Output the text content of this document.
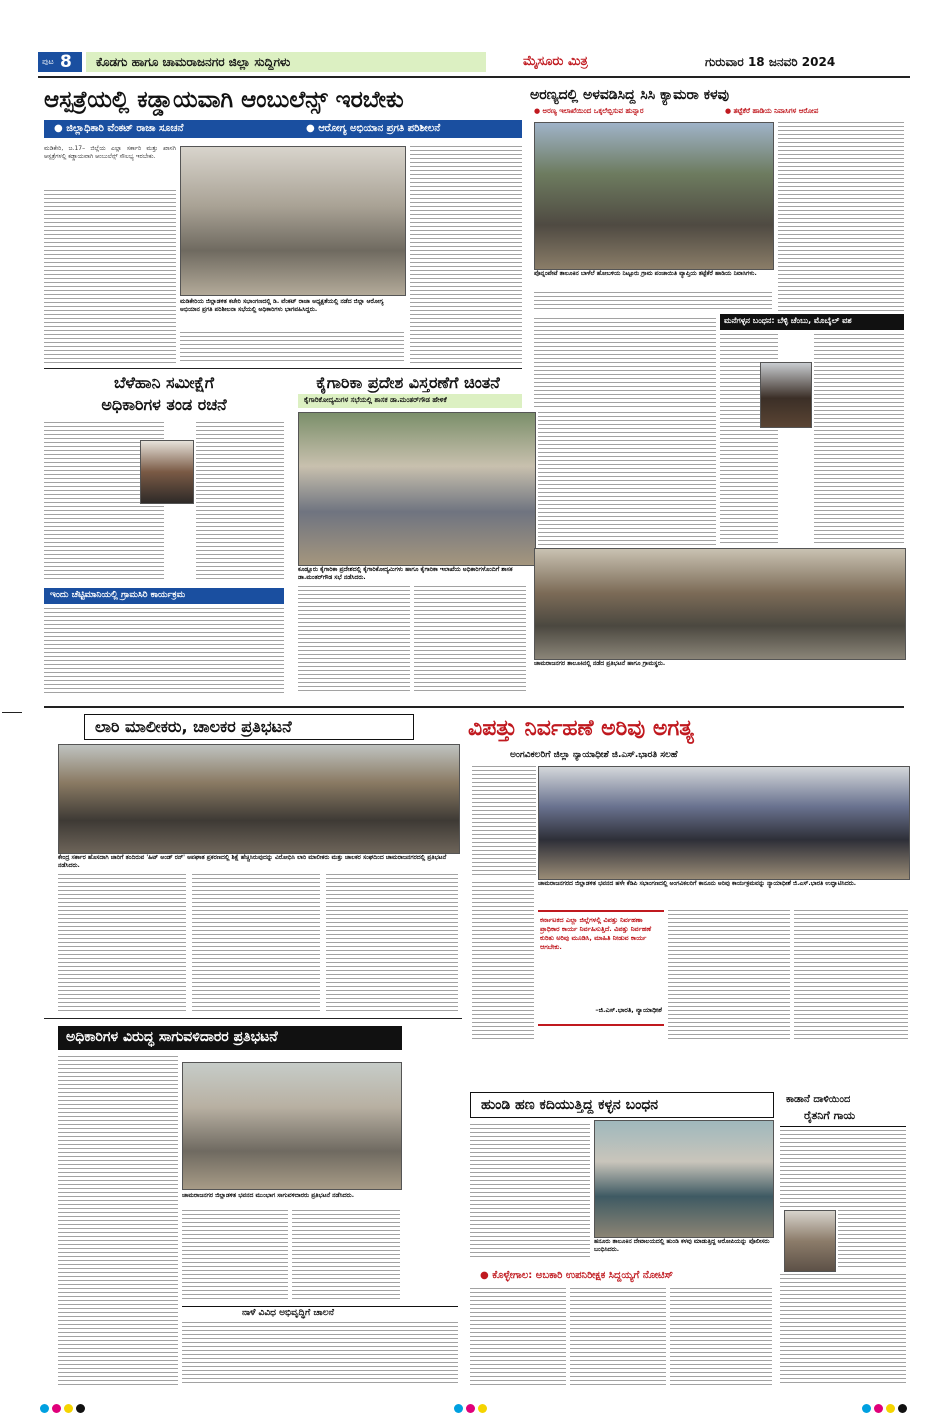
ಪುಟ 8 ಕೊಡಗು ಹಾಗೂ ಚಾಮರಾಜನಗರ ಜಿಲ್ಲಾ ಸುದ್ದಿಗಳು	ಮೈಸೂರು ಮಿತ್ರ	ಗುರುವಾರ 18 ಜನವರಿ 2024
ಆಸ್ಪತ್ರೆಯಲ್ಲಿ ಕಡ್ಡಾಯವಾಗಿ ಆಂಬುಲೆನ್ಸ್ ಇರಬೇಕು
● ಜಿಲ್ಲಾಧಿಕಾರಿ ವೆಂಕಟ್ ರಾಜಾ ಸೂಚನೆ	● ಆರೋಗ್ಯ ಅಭಿಯಾನ ಪ್ರಗತಿ ಪರಿಶೀಲನೆ
ಮಡಿಕೇರಿ, ಜ.17– ಜಿಲ್ಲೆಯ ಎಲ್ಲಾ ಸರ್ಕಾರಿ ಮತ್ತು ಖಾಸಗಿ ಆಸ್ಪತ್ರೆಗಳಲ್ಲಿ ಕಡ್ಡಾಯವಾಗಿ ಆಂಬುಲೆನ್ಸ್ ಸೌಲಭ್ಯ ಇರಬೇಕು.
ಮಡಿಕೇರಿಯ ಜಿಲ್ಲಾಡಳಿತ ಕಚೇರಿ ಸಭಾಂಗಣದಲ್ಲಿ ಡಿ. ವೆಂಕಟ್ ರಾಜಾ ಅಧ್ಯಕ್ಷತೆಯಲ್ಲಿ ನಡೆದ ಜಿಲ್ಲಾ ಆರೋಗ್ಯ ಅಭಿಯಾನ ಪ್ರಗತಿ ಪರಿಶೀಲನಾ ಸಭೆಯಲ್ಲಿ ಅಧಿಕಾರಿಗಳು ಭಾಗವಹಿಸಿದ್ದರು.
ಅರಣ್ಯದಲ್ಲಿ ಅಳವಡಿಸಿದ್ದ ಸಿಸಿ ಕ್ಯಾಮರಾ ಕಳವು
● ಅರಣ್ಯ ಇಲಾಖೆಯಿಂದ ಒಕ್ಕಲೆಬ್ಬಿಸುವ ಹುನ್ನಾರ	● ತಟ್ಟೆಕೆರೆ ಹಾಡಿಯ ನಿವಾಸಿಗಳ ಆರೋಪ
ಪೊನ್ನಂಪೇಟೆ ತಾಲೂಕಿನ ಬಾಳೆಲೆ ಹೋಬಳಿಯ ನಿಟ್ಟೂರು ಗ್ರಾಮ ಪಂಚಾಯಿತಿ ವ್ಯಾಪ್ತಿಯ ತಟ್ಟೆಕೆರೆ ಹಾಡಿಯ ನಿವಾಸಿಗಳು.
ಮನೆಗಳ್ಳನ ಬಂಧನ: ಬೆಳ್ಳಿ ಚೆಂಬು, ಮೊಬೈಲ್ ವಶ
ಬೆಳೆಹಾನಿ ಸಮೀಕ್ಷೆಗೆ
ಅಧಿಕಾರಿಗಳ ತಂಡ ರಚನೆ
ಇಂದು ಚೆಟ್ಟಿಮಾನಿಯಲ್ಲಿ ಗ್ರಾಮಸಿರಿ ಕಾರ್ಯಕ್ರಮ
ಕೈಗಾರಿಕಾ ಪ್ರದೇಶ ವಿಸ್ತರಣೆಗೆ ಚಿಂತನೆ
ಕೈಗಾರಿಕೋದ್ಯಮಿಗಳ ಸಭೆಯಲ್ಲಿ ಶಾಸಕ ಡಾ.ಮಂತರ್‌ಗೌಡ ಹೇಳಿಕೆ
ಕೂಡ್ಲೂರು ಕೈಗಾರಿಕಾ ಪ್ರದೇಶದಲ್ಲಿ ಕೈಗಾರಿಕೋದ್ಯಮಿಗಳು ಹಾಗೂ ಕೈಗಾರಿಕಾ ಇಲಾಖೆಯ ಅಧಿಕಾರಿಗಳೊಂದಿಗೆ ಶಾಸಕ ಡಾ.ಮಂತರ್‌ಗೌಡ ಸಭೆ ನಡೆಸಿದರು.
ಚಾಮರಾಜನಗರ ತಾಲೂಕಿನಲ್ಲಿ ನಡೆದ ಪ್ರತಿಭಟನೆ ಹಾಗೂ ಗ್ರಾಮಸ್ಥರು.
ಲಾರಿ ಮಾಲೀಕರು, ಚಾಲಕರ ಪ್ರತಿಭಟನೆ
ಕೇಂದ್ರ ಸರ್ಕಾರ ಹೊಸದಾಗಿ ಜಾರಿಗೆ ತಂದಿರುವ 'ಹಿಟ್ ಅಂಡ್ ರನ್' ಅಪಘಾತ ಪ್ರಕರಣದಲ್ಲಿ ಶಿಕ್ಷೆ ಹೆಚ್ಚಿಸಿರುವುದನ್ನು ವಿರೋಧಿಸಿ ಲಾರಿ ಮಾಲೀಕರು ಮತ್ತು ಚಾಲಕರ ಸಂಘದಿಂದ ಚಾಮರಾಜನಗರದಲ್ಲಿ ಪ್ರತಿಭಟನೆ ನಡೆಸಿದರು.
ವಿಪತ್ತು ನಿರ್ವಹಣೆ ಅರಿವು ಅಗತ್ಯ
ಅಂಗವಿಕಲರಿಗೆ ಜಿಲ್ಲಾ ನ್ಯಾಯಾಧೀಶೆ ಜಿ.ಎಸ್.ಭಾರತಿ ಸಲಹೆ
ಚಾಮರಾಜನಗರದ ಜಿಲ್ಲಾಡಳಿತ ಭವನದ ಹಳೇ ಕೆಡಿಪಿ ಸಭಾಂಗಣದಲ್ಲಿ ಅಂಗವಿಕಲರಿಗೆ ಕಾನೂನು ಅರಿವು ಕಾರ್ಯಕ್ರಮವನ್ನು ನ್ಯಾಯಾಧೀಶೆ ಜಿ.ಎಸ್.ಭಾರತಿ ಉದ್ಘಾಟಿಸಿದರು.
ಕರ್ನಾಟಕದ ಎಲ್ಲಾ ಜಿಲ್ಲೆಗಳಲ್ಲಿ ವಿಪತ್ತು ನಿರ್ವಹಣಾ ಪ್ರಾಧಿಕಾರ ಕಾರ್ಯ ನಿರ್ವಹಿಸುತ್ತಿದೆ. ವಿಪತ್ತು ನಿರ್ವಹಣೆ ಕುರಿತು ಅರಿವು ಮೂಡಿಸಿ, ಮಾಹಿತಿ ನೀಡುವ ಕಾರ್ಯ ಆಗಬೇಕು.
–ಜಿ.ಎಸ್.ಭಾರತಿ, ನ್ಯಾಯಾಧೀಶೆ
ಅಧಿಕಾರಿಗಳ ವಿರುದ್ಧ ಸಾಗುವಳಿದಾರರ ಪ್ರತಿಭಟನೆ
ಚಾಮರಾಜನಗರ ಜಿಲ್ಲಾಡಳಿತ ಭವನದ ಮುಂಭಾಗ ಸಾಗುವಳಿದಾರರು ಪ್ರತಿಭಟನೆ ನಡೆಸಿದರು.
ನಾಳೆ ವಿವಿಧ ಅಭಿವೃದ್ಧಿಗೆ ಚಾಲನೆ
ಹುಂಡಿ ಹಣ ಕದಿಯುತ್ತಿದ್ದ ಕಳ್ಳನ ಬಂಧನ
ಹನೂರು ತಾಲೂಕಿನ ದೇವಾಲಯದಲ್ಲಿ ಹುಂಡಿ ಕಳವು ಮಾಡುತ್ತಿದ್ದ ಆರೋಪಿಯನ್ನು ಪೊಲೀಸರು ಬಂಧಿಸಿದರು.
● ಕೊಳ್ಳೇಗಾಲ: ಅಬಕಾರಿ ಉಪನಿರೀಕ್ಷಕ ಸಿದ್ದಯ್ಯಗೆ ನೋಟಿಸ್
ಕಾಡಾನೆ ದಾಳಿಯಿಂದ
ರೈತನಿಗೆ ಗಾಯ
